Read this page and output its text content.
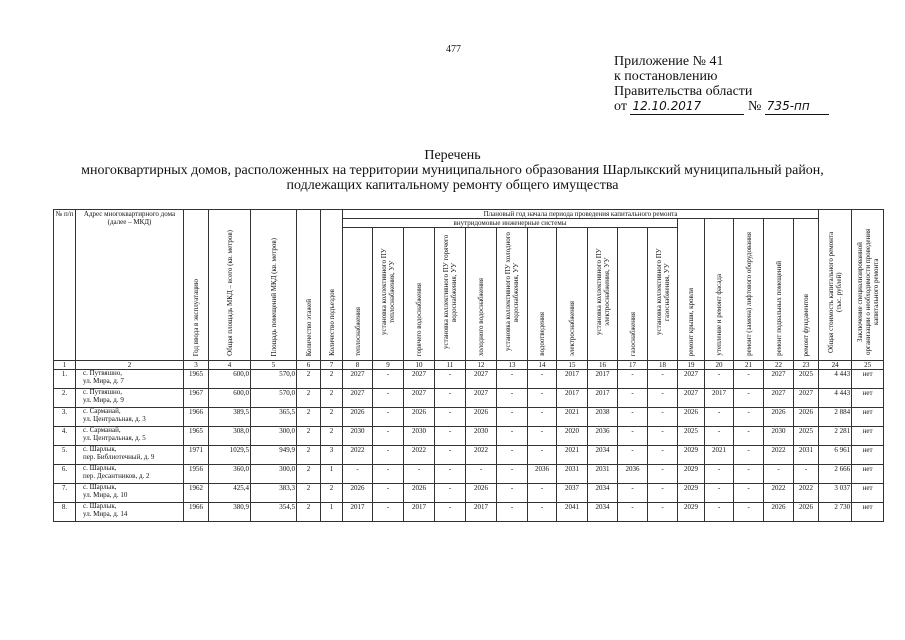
477
Приложение № 41
к постановлению
Правительства области
от 12.10.2017	№ 735-пп
Перечень
многоквартирных домов, расположенных на территории муниципального образования Шарлыкский муниципальный район,
подлежащих капитальному ремонту общего имущества
№ п/п	Адрес многоквартирного дома (далее – МКД)	Год ввода в эксплуатацию	Общая площадь МКД – всего (кв. метров)	Площадь помещений МКД (кв. метров)	Количество этажей	Количество подъездов	Плановый год начала периода проведения капитального ремонта																Общая стоимость капитального ремонта (тыс. рублей)	Заключение специализированной организации о необходимости проведения капитального ремонта
							внутридомовые инженерные системы											ремонт крыши, кровли	утепление и ремонт фасада	ремонт (замена) лифтового оборудования	ремонт подвальных помещений	ремонт фундаментов		
							теплоснабжения	установка коллективного ПУ теплоснабжения, УУ	горячего водоснабжения	установка коллективного ПУ горячего водоснабжения, УУ	холодного водоснабжения	установка коллективного ПУ холодного водоснабжения, УУ	водоотведения	электроснабжения	установка коллективного ПУ электроснабжения, УУ	газоснабжения	установка коллективного ПУ газоснабжения, УУ							
1	2	3	4	5	6	7	8	9	10	11	12	13	14	15	16	17	18	19	20	21	22	23	24	25
1.	с. Путвяшно,
ул. Мира, д. 7	1965	600,0	570,0	2	2	2027	-	2027	-	2027	-	-	2017	2017	-	-	2027	-	-	2027	2025	4 443	нет
2.	с. Путвяшно,
ул. Мира, д. 9	1967	600,0	570,0	2	2	2027	-	2027	-	2027	-	-	2017	2017	-	-	2027	2017	-	2027	2027	4 443	нет
3.	с. Сарманай,
ул. Центральная, д. 3	1966	389,5	365,5	2	2	2026	-	2026	-	2026	-	-	2021	2038	-	-	2026	-	-	2026	2026	2 884	нет
4.	с. Сарманай,
ул. Центральная, д. 5	1965	308,0	300,0	2	2	2030	-	2030	-	2030	-	-	2020	2036	-	-	2025	-	-	2030	2025	2 281	нет
5.	с. Шарлык,
пер. Библиотечный, д. 9	1971	1029,5	949,9	2	3	2022	-	2022	-	2022	-	-	2021	2034	-	-	2029	2021	-	2022	2031	6 961	нет
6.	с. Шарлык,
пер. Десантников, д. 2	1956	360,0	300,0	2	1	-	-	-	-	-	-	2036	2031	2031	2036	-	2029	-	-	-	-	2 666	нет
7.	с. Шарлык,
ул. Мира, д. 10	1962	425,4	383,3	2	2	2026	-	2026	-	2026	-	-	2037	2034	-	-	2029	-	-	2022	2022	3 037	нет
8.	с. Шарлык,
ул. Мира, д. 14	1966	380,9	354,5	2	1	2017	-	2017	-	2017	-	-	2041	2034	-	-	2029	-	-	2026	2026	2 730	нет
